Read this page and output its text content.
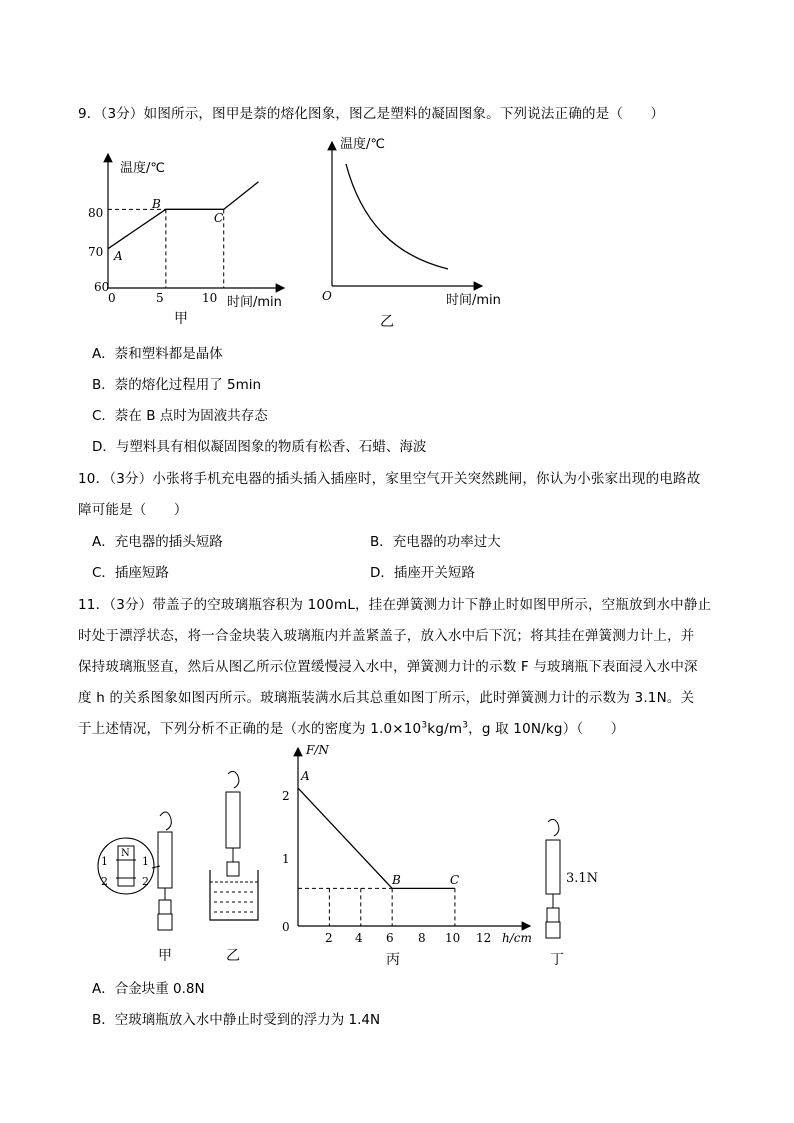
9．（3分）如图所示，图甲是萘的熔化图象，图乙是塑料的凝固图象。下列说法正确的是（　　）
温度/℃
60
70
80
0	5	10 时间/min
A
B
C
甲
温度/℃
O	时间/min
乙
A．萘和塑料都是晶体
B．萘的熔化过程用了 5min
C．萘在 B 点时为固液共存态
D．与塑料具有相似凝固图象的物质有松香、石蜡、海波
10．（3分）小张将手机充电器的插头插入插座时，家里空气开关突然跳闸，你认为小张家出现的电路故
障可能是（　　）
A．充电器的插头短路	B．充电器的功率过大
C．插座短路	D．插座开关短路
11．（3分）带盖子的空玻璃瓶容积为 100mL，挂在弹簧测力计下静止时如图甲所示，空瓶放到水中静止
时处于漂浮状态，将一合金块装入玻璃瓶内并盖紧盖子，放入水中后下沉；将其挂在弹簧测力计上，并
保持玻璃瓶竖直，然后从图乙所示位置缓慢浸入水中，弹簧测力计的示数 F 与玻璃瓶下表面浸入水中深
度 h 的关系图象如图丙所示。玻璃瓶装满水后其总重如图丁所示，此时弹簧测力计的示数为 3.1N。关
于上述情况，下列分析不正确的是（水的密度为 $1.0\times 10^3kg/m^3$，g 取 10N/kg）（　　）
1
2
1
2
N
甲	乙
F/N
0
1
2
2 4 6 8 10 12 h/cm
A
B	C
丙
3.1N
丁
A．合金块重 0.8N
B．空玻璃瓶放入水中静止时受到的浮力为 1.4N
